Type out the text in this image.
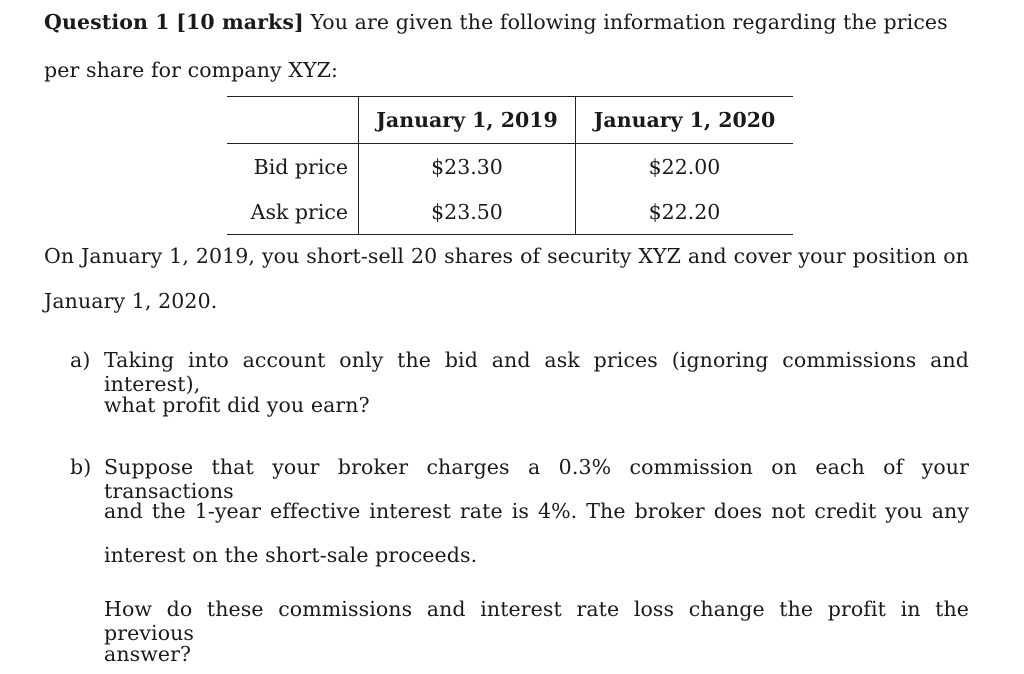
Question 1 [10 marks] You are given the following information regarding the prices
per share for company XYZ:
	January 1, 2019	January 1, 2020
Bid price	$23.30	$22.00
Ask price	$23.50	$22.20
On January 1, 2019, you short-sell 20 shares of security XYZ and cover your position on
January 1, 2020.
a) Taking into account only the bid and ask prices (ignoring commissions and interest),
what profit did you earn?
b) Suppose that your broker charges a 0.3% commission on each of your transactions
and the 1-year effective interest rate is 4%. The broker does not credit you any
interest on the short-sale proceeds.
How do these commissions and interest rate loss change the profit in the previous
answer?
